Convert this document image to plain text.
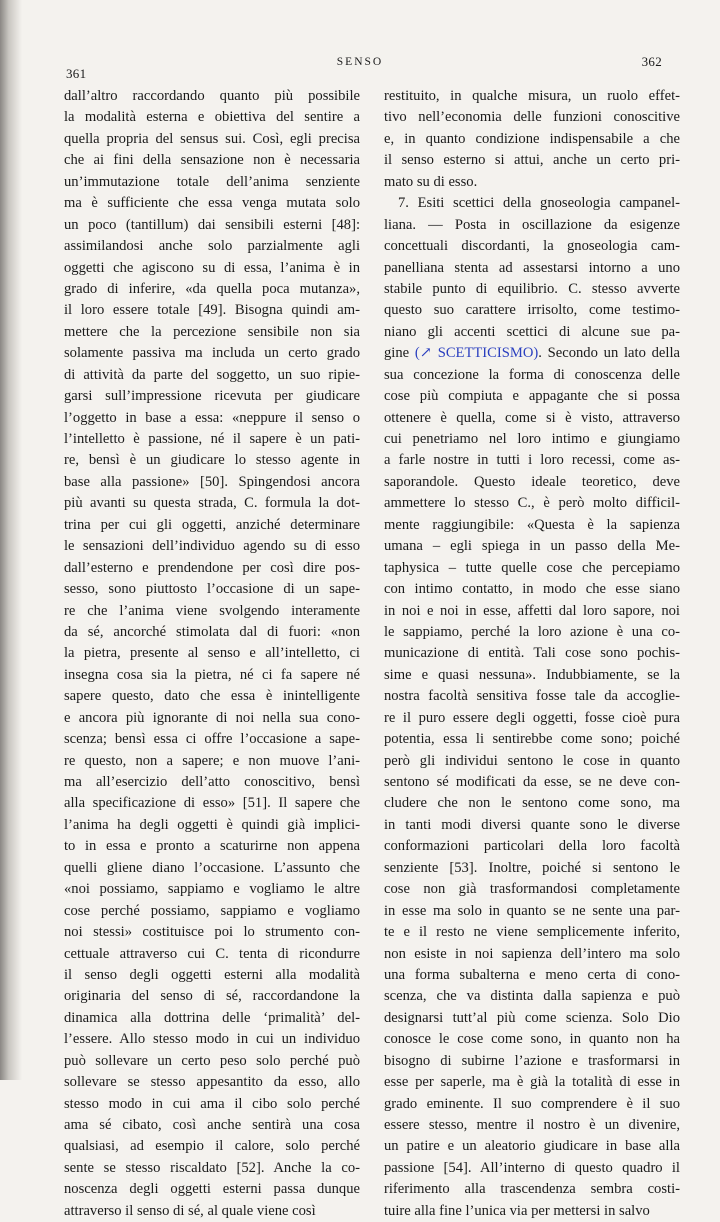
361
SENSO	362
dall’altro raccordando quanto più possibile
la modalità esterna e obiettiva del sentire a
quella propria del sensus sui. Così, egli precisa
che ai fini della sensazione non è necessaria
un’immutazione totale dell’anima senziente
ma è sufficiente che essa venga mutata solo
un poco (tantillum) dai sensibili esterni [48]:
assimilandosi anche solo parzialmente agli
oggetti che agiscono su di essa, l’anima è in
grado di inferire, «da quella poca mutanza»,
il loro essere totale [49]. Bisogna quindi am-
mettere che la percezione sensibile non sia
solamente passiva ma includa un certo grado
di attività da parte del soggetto, un suo ripie-
garsi sull’impressione ricevuta per giudicare
l’oggetto in base a essa: «neppure il senso o
l’intelletto è passione, né il sapere è un pati-
re, bensì è un giudicare lo stesso agente in
base alla passione» [50]. Spingendosi ancora
più avanti su questa strada, C. formula la dot-
trina per cui gli oggetti, anziché determinare
le sensazioni dell’individuo agendo su di esso
dall’esterno e prendendone per così dire pos-
sesso, sono piuttosto l’occasione di un sape-
re che l’anima viene svolgendo interamente
da sé, ancorché stimolata dal di fuori: «non
la pietra, presente al senso e all’intelletto, ci
insegna cosa sia la pietra, né ci fa sapere né
sapere questo, dato che essa è inintelligente
e ancora più ignorante di noi nella sua cono-
scenza; bensì essa ci offre l’occasione a sape-
re questo, non a sapere; e non muove l’ani-
ma all’esercizio dell’atto conoscitivo, bensì
alla specificazione di esso» [51]. Il sapere che
l’anima ha degli oggetti è quindi già implici-
to in essa e pronto a scaturirne non appena
quelli gliene diano l’occasione. L’assunto che
«noi possiamo, sappiamo e vogliamo le altre
cose perché possiamo, sappiamo e vogliamo
noi stessi» costituisce poi lo strumento con-
cettuale attraverso cui C. tenta di ricondurre
il senso degli oggetti esterni alla modalità
originaria del senso di sé, raccordandone la
dinamica alla dottrina delle ‘primalità’ del-
l’essere. Allo stesso modo in cui un individuo
può sollevare un certo peso solo perché può
sollevare se stesso appesantito da esso, allo
stesso modo in cui ama il cibo solo perché
ama sé cibato, così anche sentirà una cosa
qualsiasi, ad esempio il calore, solo perché
sente se stesso riscaldato [52]. Anche la co-
noscenza degli oggetti esterni passa dunque
attraverso il senso di sé, al quale viene così
restituito, in qualche misura, un ruolo effet-
tivo nell’economia delle funzioni conoscitive
e, in quanto condizione indispensabile a che
il senso esterno si attui, anche un certo pri-
mato su di esso.
7. Esiti scettici della gnoseologia campanel-
liana. — Posta in oscillazione da esigenze
concettuali discordanti, la gnoseologia cam-
panelliana stenta ad assestarsi intorno a uno
stabile punto di equilibrio. C. stesso avverte
questo suo carattere irrisolto, come testimo-
niano gli accenti scettici di alcune sue pa-
gine (↗ SCETTICISMO). Secondo un lato della
sua concezione la forma di conoscenza delle
cose più compiuta e appagante che si possa
ottenere è quella, come si è visto, attraverso
cui penetriamo nel loro intimo e giungiamo
a farle nostre in tutti i loro recessi, come as-
saporandole. Questo ideale teoretico, deve
ammettere lo stesso C., è però molto difficil-
mente raggiungibile: «Questa è la sapienza
umana – egli spiega in un passo della Me-
taphysica – tutte quelle cose che percepiamo
con intimo contatto, in modo che esse siano
in noi e noi in esse, affetti dal loro sapore, noi
le sappiamo, perché la loro azione è una co-
municazione di entità. Tali cose sono pochis-
sime e quasi nessuna». Indubbiamente, se la
nostra facoltà sensitiva fosse tale da accoglie-
re il puro essere degli oggetti, fosse cioè pura
potentia, essa li sentirebbe come sono; poiché
però gli individui sentono le cose in quanto
sentono sé modificati da esse, se ne deve con-
cludere che non le sentono come sono, ma
in tanti modi diversi quante sono le diverse
conformazioni particolari della loro facoltà
senziente [53]. Inoltre, poiché si sentono le
cose non già trasformandosi completamente
in esse ma solo in quanto se ne sente una par-
te e il resto ne viene semplicemente inferito,
non esiste in noi sapienza dell’intero ma solo
una forma subalterna e meno certa di cono-
scenza, che va distinta dalla sapienza e può
designarsi tutt’al più come scienza. Solo Dio
conosce le cose come sono, in quanto non ha
bisogno di subirne l’azione e trasformarsi in
esse per saperle, ma è già la totalità di esse in
grado eminente. Il suo comprendere è il suo
essere stesso, mentre il nostro è un divenire,
un patire e un aleatorio giudicare in base alla
passione [54]. All’interno di questo quadro il
riferimento alla trascendenza sembra costi-
tuire alla fine l’unica via per mettersi in salvo
